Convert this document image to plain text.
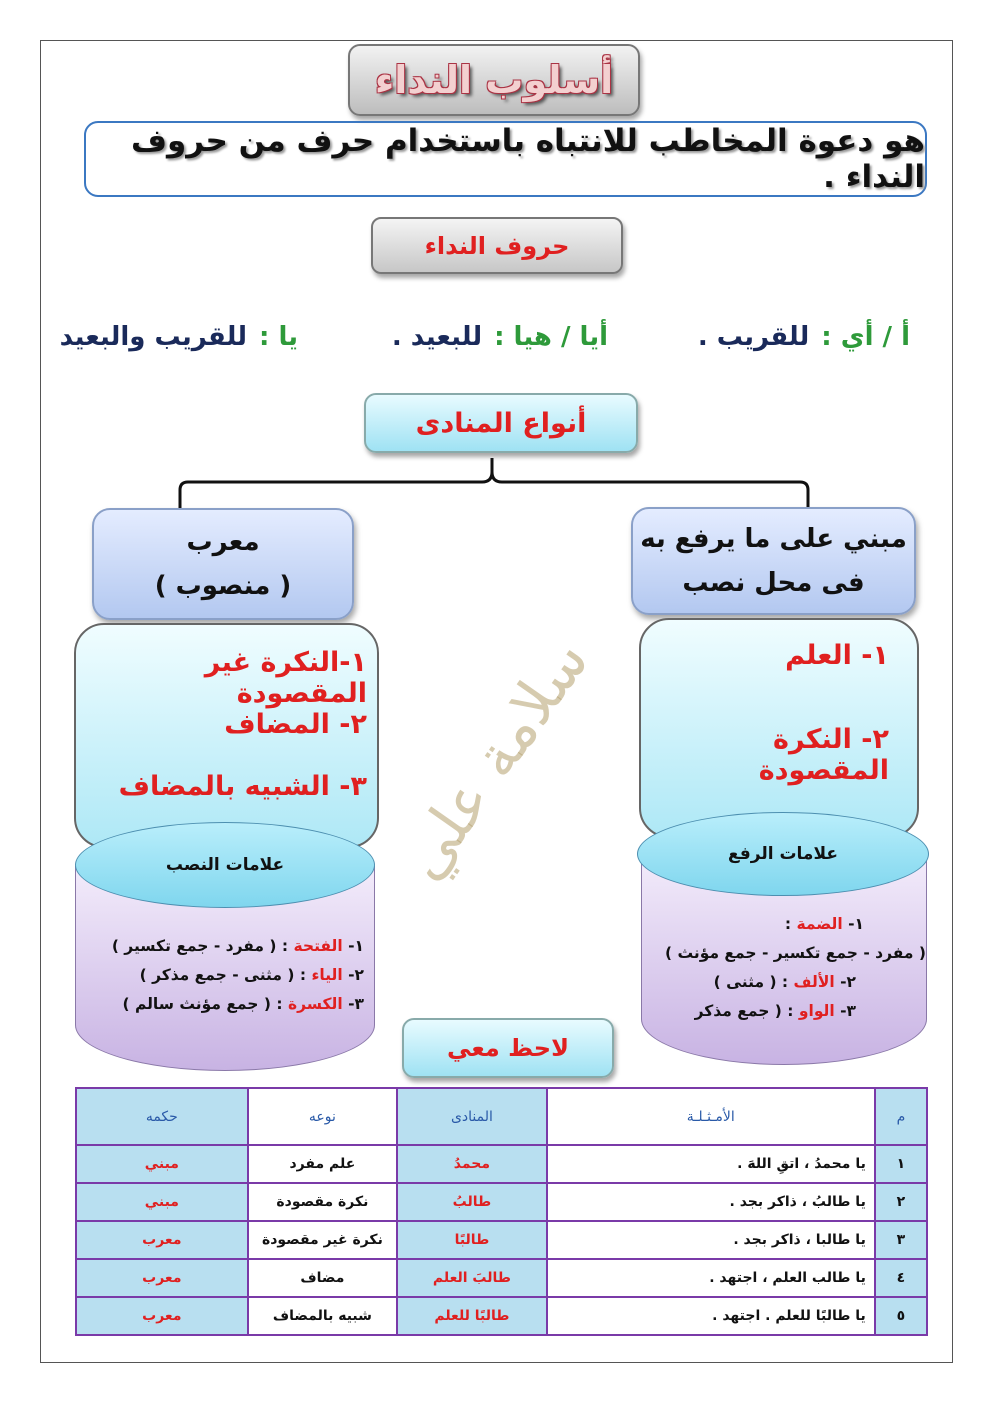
أسلوب النداء
هو دعوة المخاطب للانتباه باستخدام حرف من حروف النداء .
حروف النداء
أ / أي :
للقريب .
أيا / هيا :
للبعيد .
يا :
للقريب والبعيد
أنواع المنادى
مبني على ما يرفع به
فى محل نصب
معرب
( منصوب )
١- العلم
٢- النكرة المقصودة
١-النكرة غير المقصودة
٢- المضاف
٣- الشبيه بالمضاف
علامات الرفع
١- الضمة :
( مفرد - جمع تكسير - جمع مؤنث )
٢- الألف : ( مثنى )
٣- الواو : ( جمع مذكر
علامات النصب
١- الفتحة : ( مفرد - جمع تكسير )
٢- الياء : ( مثنى - جمع مذكر )
٣- الكسرة : ( جمع مؤنث سالم )
سلامة علي
لاحظ معي
م	الأمـثـلـة	المنادى	نوعه	حكمه
١	يا محمدُ ، اتقِ اللهَ .	محمدُ	علم مفرد	مبني
٢	يا طالبُ ، ذاكر بجد .	طالبُ	نكرة مقصودة	مبني
٣	يا طالبا ، ذاكر بجد .	طالبًا	نكرة غير مقصودة	معرب
٤	يا طالب العلم ، اجتهد .	طالبَ العلم	مضاف	معرب
٥	يا طالبًا للعلم . اجتهد .	طالبًا للعلم	شبيه بالمضاف	معرب
